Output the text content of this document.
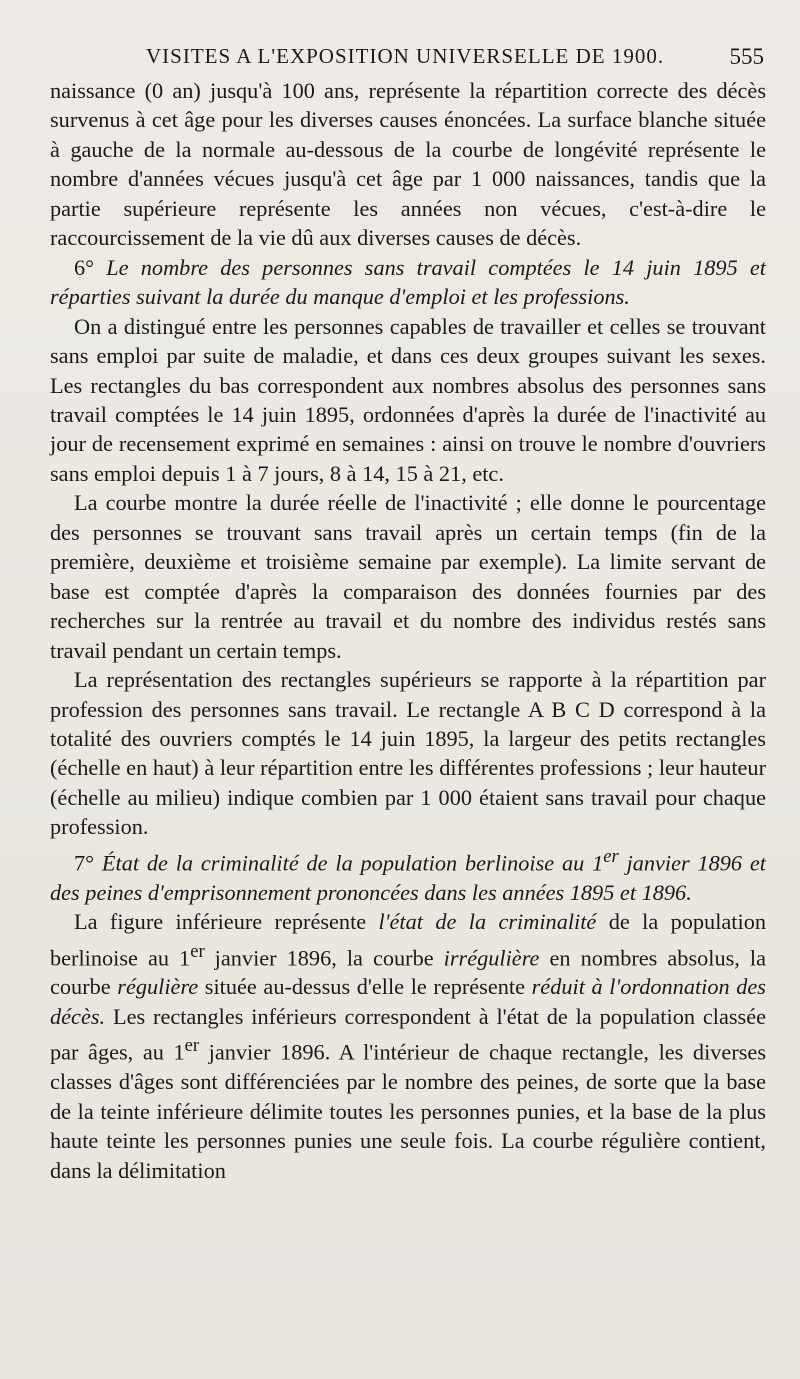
VISITES A L'EXPOSITION UNIVERSELLE DE 1900.	555

naissance (0 an) jusqu'à 100 ans, représente la répartition correcte des décès survenus à cet âge pour les diverses causes énoncées. La surface blanche située à gauche de la normale au-dessous de la courbe de longévité représente le nombre d'années vécues jusqu'à cet âge par 1 000 naissances, tandis que la partie supérieure représente les années non vécues, c'est-à-dire le raccourcissement de la vie dû aux diverses causes de décès.

6° Le nombre des personnes sans travail comptées le 14 juin 1895 et réparties suivant la durée du manque d'emploi et les professions.

On a distingué entre les personnes capables de travailler et celles se trouvant sans emploi par suite de maladie, et dans ces deux groupes suivant les sexes. Les rectangles du bas correspondent aux nombres absolus des personnes sans travail comptées le 14 juin 1895, ordonnées d'après la durée de l'inactivité au jour de recensement exprimé en semaines : ainsi on trouve le nombre d'ouvriers sans emploi depuis 1 à 7 jours, 8 à 14, 15 à 21, etc.

La courbe montre la durée réelle de l'inactivité ; elle donne le pourcentage des personnes se trouvant sans travail après un certain temps (fin de la première, deuxième et troisième semaine par exemple). La limite servant de base est comptée d'après la comparaison des données fournies par des recherches sur la rentrée au travail et du nombre des individus restés sans travail pendant un certain temps.

La représentation des rectangles supérieurs se rapporte à la répartition par profession des personnes sans travail. Le rectangle A B C D correspond à la totalité des ouvriers comptés le 14 juin 1895, la largeur des petits rectangles (échelle en haut) à leur répartition entre les différentes professions ; leur hauteur (échelle au milieu) indique combien par 1 000 étaient sans travail pour chaque profession.

7° État de la criminalité de la population berlinoise au 1er janvier 1896 et des peines d'emprisonnement prononcées dans les années 1895 et 1896.

La figure inférieure représente l'état de la criminalité de la population berlinoise au 1er janvier 1896, la courbe irrégulière en nombres absolus, la courbe régulière située au-dessus d'elle le représente réduit à l'ordonnation des décès. Les rectangles inférieurs correspondent à l'état de la population classée par âges, au 1er janvier 1896. A l'intérieur de chaque rectangle, les diverses classes d'âges sont différenciées par le nombre des peines, de sorte que la base de la teinte inférieure délimite toutes les personnes punies, et la base de la plus haute teinte les personnes punies une seule fois. La courbe régulière contient, dans la délimitation
